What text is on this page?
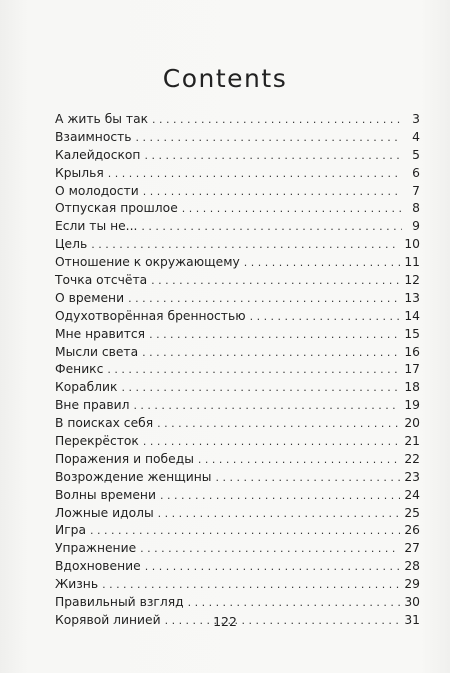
Contents
А жить бы так . . .	3
Взаимность . . .	4
Калейдоскоп . . .	5
Крылья . . .	6
О молодости . . .	7
Отпуская прошлое . . .	8
Если ты не... . . .	9
Цель . . .	10
Отношение к окружающему . . .	11
Точка отсчёта . . .	12
О времени . . .	13
Одухотворённая бренностью . . .	14
Мне нравится . . .	15
Мысли света . . .	16
Феникс . . .	17
Кораблик . . .	18
Вне правил . . .	19
В поисках себя . . .	20
Перекрёсток . . .	21
Поражения и победы . . .	22
Возрождение женщины . . .	23
Волны времени . . .	24
Ложные идолы . . .	25
Игра . . .	26
Упражнение . . .	27
Вдохновение . . .	28
Жизнь . . .	29
Правильный взгляд . . .	30
Корявой линией . . .	31
122
